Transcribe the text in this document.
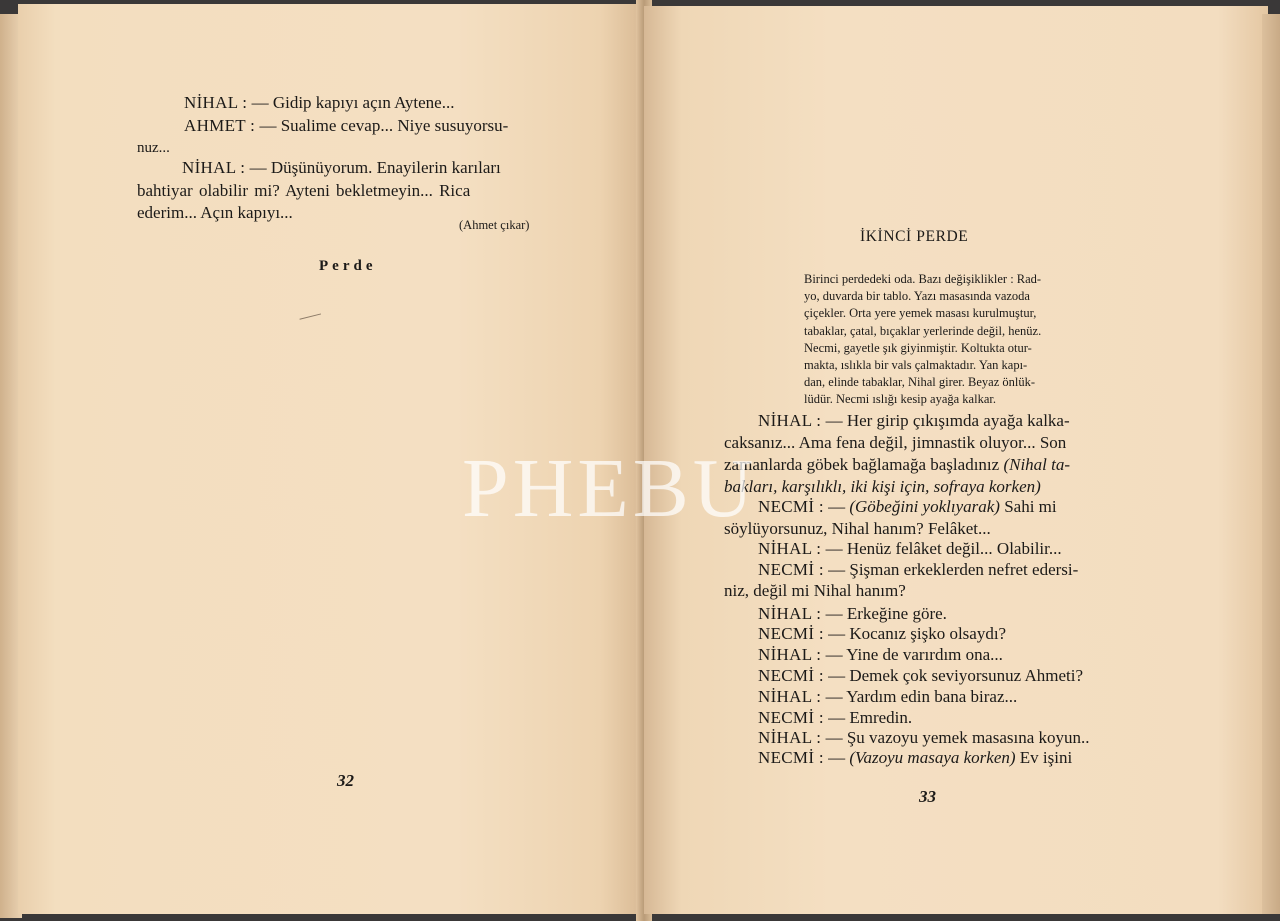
NİHAL : — Gidip kapıyı açın Aytene...
AHMET : — Sualime cevap... Niye susuyorsu-
nuz...
NİHAL : — Düşünüyorum. Enayilerin karıları
bahtiyar olabilir mi? Ayteni bekletmeyin... Rica
ederim... Açın kapıyı...
(Ahmet çıkar)
Perde
32
İKİNCİ PERDE
Birinci perdedeki oda. Bazı değişiklikler : Rad-
yo, duvarda bir tablo. Yazı masasında vazoda
çiçekler. Orta yere yemek masası kurulmuştur,
tabaklar, çatal, bıçaklar yerlerinde değil, henüz.
Necmi, gayetle şık giyinmiştir. Koltukta otur-
makta, ıslıkla bir vals çalmaktadır. Yan kapı-
dan, elinde tabaklar, Nihal girer. Beyaz önlük-
lüdür. Necmi ıslığı kesip ayağa kalkar.
NİHAL : — Her girip çıkışımda ayağa kalka-
caksanız... Ama fena değil, jimnastik oluyor... Son
zamanlarda göbek bağlamağa başladınız (Nihal ta-
bakları, karşılıklı, iki kişi için, sofraya korken)
NECMİ : — (Göbeğini yoklıyarak) Sahi mi
söylüyorsunuz, Nihal hanım? Felâket...
NİHAL : — Henüz felâket değil... Olabilir...
NECMİ : — Şişman erkeklerden nefret edersi-
niz, değil mi Nihal hanım?
NİHAL : — Erkeğine göre.
NECMİ : — Kocanız şişko olsaydı?
NİHAL : — Yine de varırdım ona...
NECMİ : — Demek çok seviyorsunuz Ahmeti?
NİHAL : — Yardım edin bana biraz...
NECMİ : — Emredin.
NİHAL : — Şu vazoyu yemek masasına koyun..
NECMİ : — (Vazoyu masaya korken) Ev işini
33
PHEBU
